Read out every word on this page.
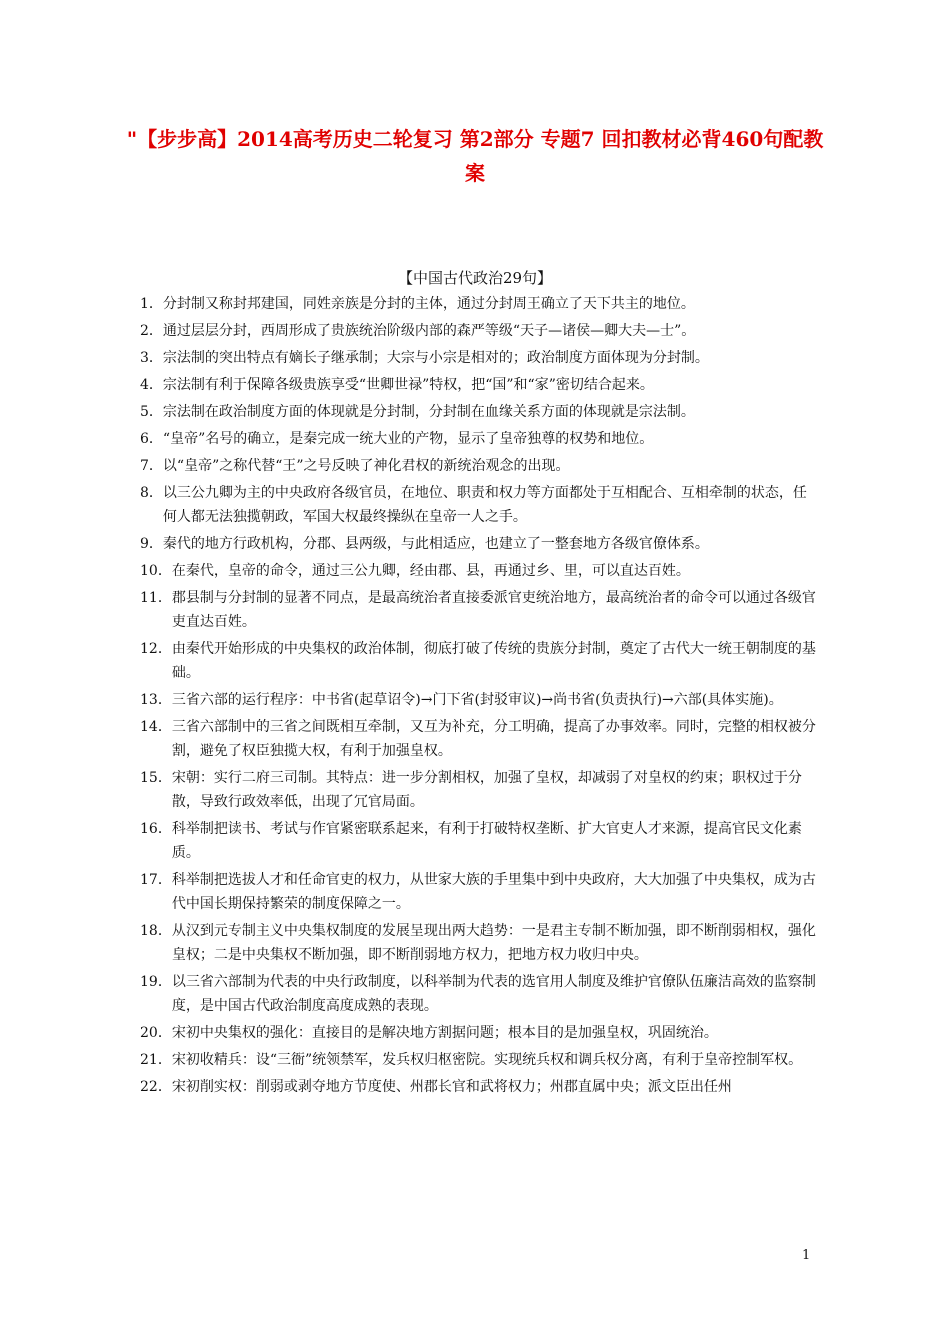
"【步步高】2014高考历史二轮复习 第2部分 专题7 回扣教材必背460句配教案
【中国古代政治29句】
1． 分封制又称封邦建国，同姓亲族是分封的主体，通过分封周王确立了天下共主的地位。
2． 通过层层分封，西周形成了贵族统治阶级内部的森严等级“天子—诸侯—卿大夫—士”。
3． 宗法制的突出特点有嫡长子继承制；大宗与小宗是相对的；政治制度方面体现为分封制。
4． 宗法制有利于保障各级贵族享受“世卿世禄”特权，把“国”和“家”密切结合起来。
5． 宗法制在政治制度方面的体现就是分封制，分封制在血缘关系方面的体现就是宗法制。
6． “皇帝”名号的确立，是秦完成一统大业的产物，显示了皇帝独尊的权势和地位。
7． 以“皇帝”之称代替“王”之号反映了神化君权的新统治观念的出现。
8． 以三公九卿为主的中央政府各级官员，在地位、职责和权力等方面都处于互相配合、互相牵制的状态，任何人都无法独揽朝政，军国大权最终操纵在皇帝一人之手。
9． 秦代的地方行政机构，分郡、县两级，与此相适应，也建立了一整套地方各级官僚体系。
10． 在秦代，皇帝的命令，通过三公九卿，经由郡、县，再通过乡、里，可以直达百姓。
11． 郡县制与分封制的显著不同点，是最高统治者直接委派官吏统治地方，最高统治者的命令可以通过各级官吏直达百姓。
12． 由秦代开始形成的中央集权的政治体制，彻底打破了传统的贵族分封制，奠定了古代大一统王朝制度的基础。
13． 三省六部的运行程序：中书省(起草诏令)→门下省(封驳审议)→尚书省(负责执行)→六部(具体实施)。
14． 三省六部制中的三省之间既相互牵制，又互为补充，分工明确，提高了办事效率。同时，完整的相权被分割，避免了权臣独揽大权，有利于加强皇权。
15． 宋朝：实行二府三司制。其特点：进一步分割相权，加强了皇权，却减弱了对皇权的约束；职权过于分散，导致行政效率低，出现了冗官局面。
16． 科举制把读书、考试与作官紧密联系起来，有利于打破特权垄断、扩大官吏人才来源，提高官民文化素质。
17． 科举制把选拔人才和任命官吏的权力，从世家大族的手里集中到中央政府，大大加强了中央集权，成为古代中国长期保持繁荣的制度保障之一。
18． 从汉到元专制主义中央集权制度的发展呈现出两大趋势：一是君主专制不断加强，即不断削弱相权，强化皇权；二是中央集权不断加强，即不断削弱地方权力，把地方权力收归中央。
19． 以三省六部制为代表的中央行政制度，以科举制为代表的选官用人制度及维护官僚队伍廉洁高效的监察制度，是中国古代政治制度高度成熟的表现。
20． 宋初中央集权的强化：直接目的是解决地方割据问题；根本目的是加强皇权，巩固统治。
21． 宋初收精兵：设“三衙”统领禁军，发兵权归枢密院。实现统兵权和调兵权分离，有利于皇帝控制军权。
22． 宋初削实权：削弱或剥夺地方节度使、州郡长官和武将权力；州郡直属中央；派文臣出任州
1
